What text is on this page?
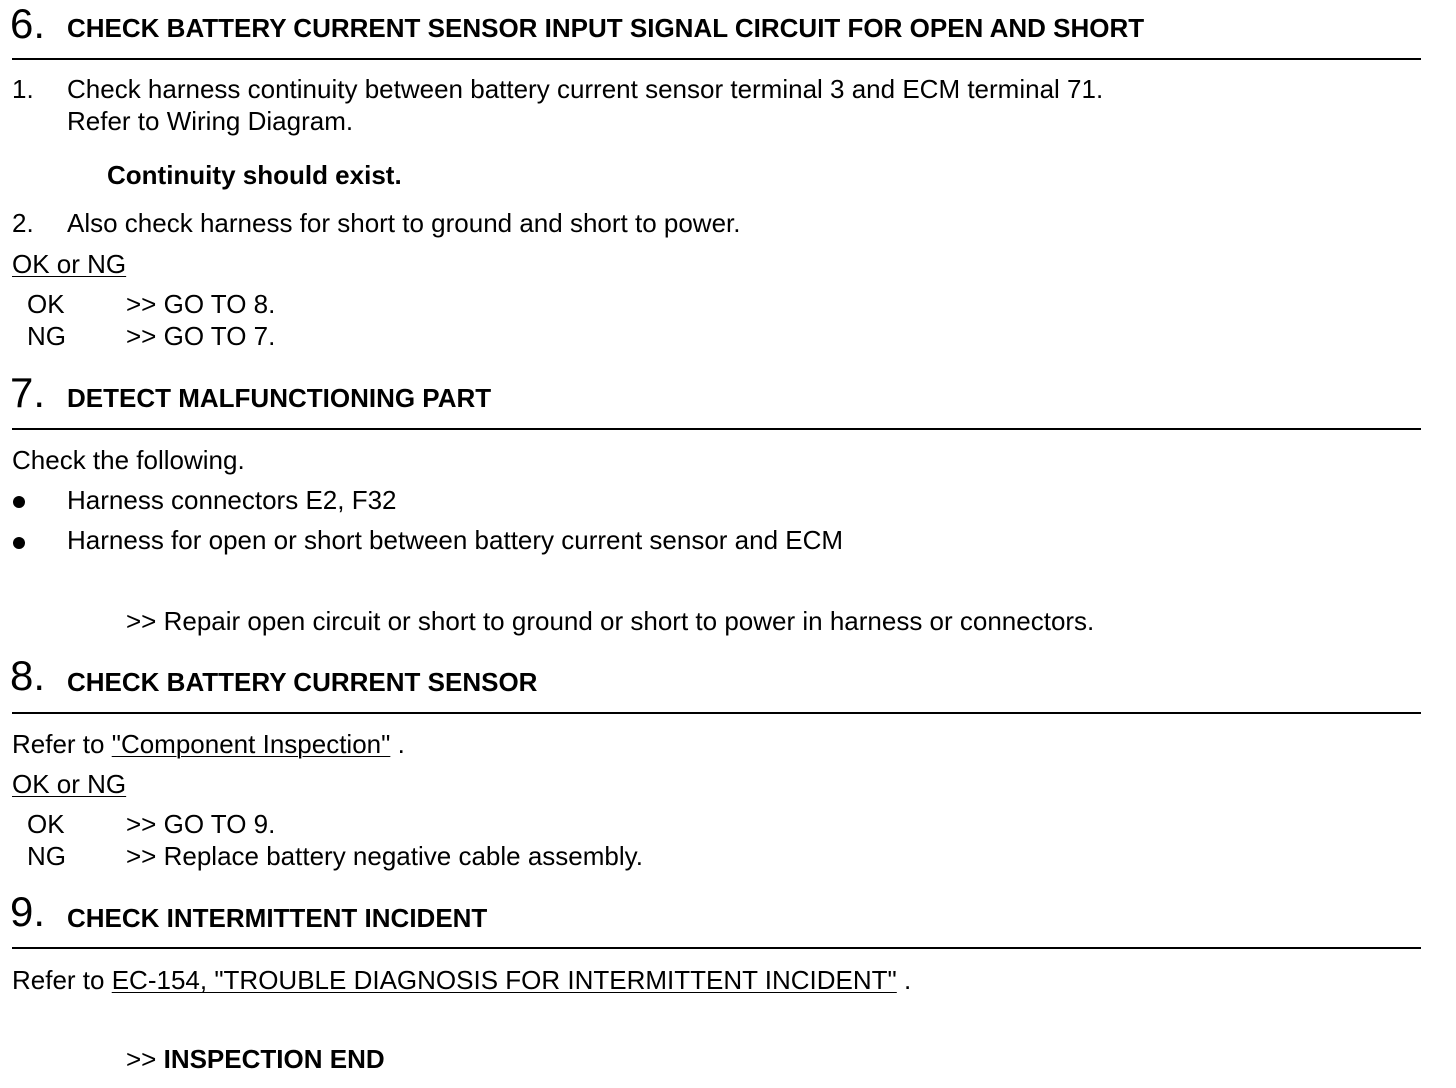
6. CHECK BATTERY CURRENT SENSOR INPUT SIGNAL CIRCUIT FOR OPEN AND SHORT
1. Check harness continuity between battery current sensor terminal 3 and ECM terminal 71.
Refer to Wiring Diagram.
Continuity should exist.
2. Also check harness for short to ground and short to power.
OK or NG
OK >> GO TO 8.
NG >> GO TO 7.
7. DETECT MALFUNCTIONING PART
Check the following.
Harness connectors E2, F32
Harness for open or short between battery current sensor and ECM
>> Repair open circuit or short to ground or short to power in harness or connectors.
8. CHECK BATTERY CURRENT SENSOR
Refer to "Component Inspection" .
OK or NG
OK >> GO TO 9.
NG >> Replace battery negative cable assembly.
9. CHECK INTERMITTENT INCIDENT
Refer to EC-154, "TROUBLE DIAGNOSIS FOR INTERMITTENT INCIDENT" .
>> INSPECTION END
